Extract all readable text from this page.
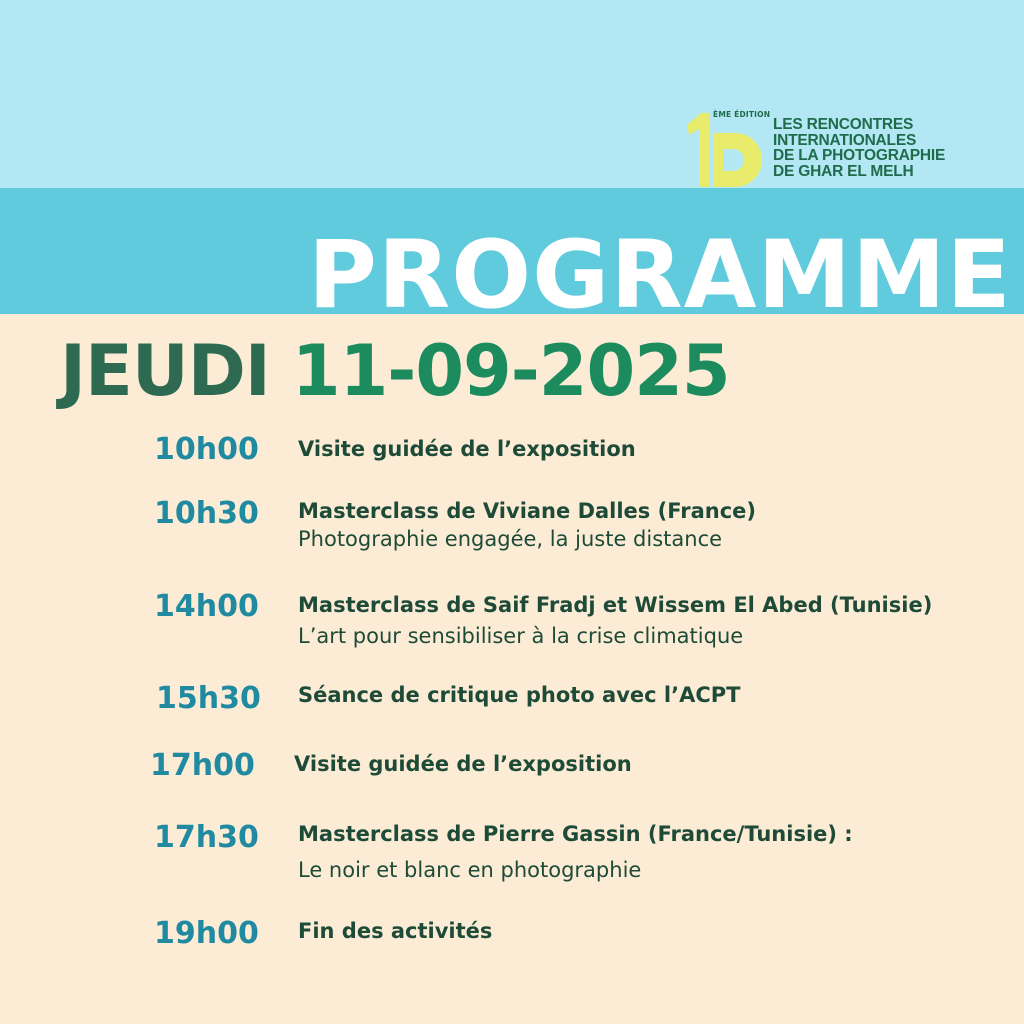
ÈME ÉDITION
LES RENCONTRES
INTERNATIONALES
DE LA PHOTOGRAPHIE
DE GHAR EL MELH
PROGRAMME
JEUDI 11-09-2025
10h00 Visite guidée de l’exposition
10h30 Masterclass de Viviane Dalles (France)
Photographie engagée, la juste distance
14h00 Masterclass de Saif Fradj et Wissem El Abed (Tunisie)
L’art pour sensibiliser à la crise climatique
15h30 Séance de critique photo avec l’ACPT
17h00 Visite guidée de l’exposition
17h30 Masterclass de Pierre Gassin (France/Tunisie) :
Le noir et blanc en photographie
19h00 Fin des activités
